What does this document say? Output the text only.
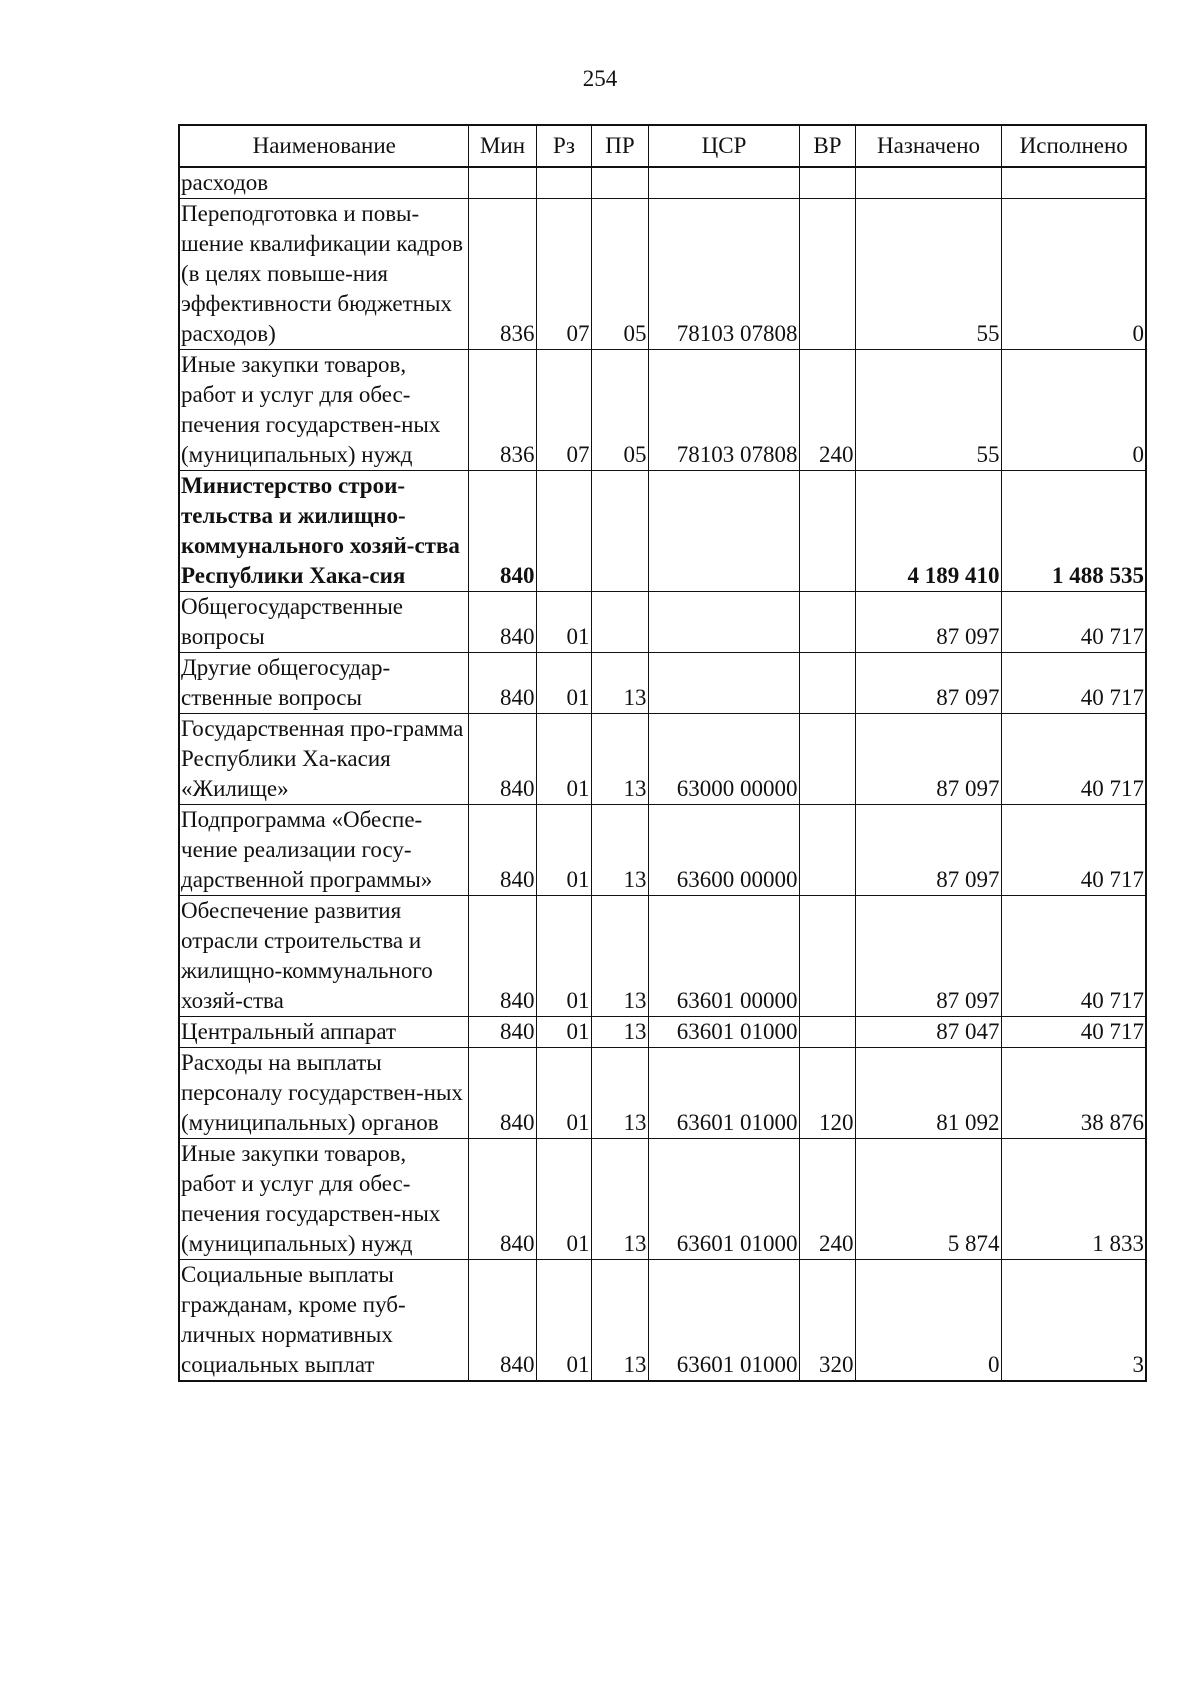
254
Наименование	Мин	Рз	ПР	ЦСР	ВР	Назначено	Исполнено
расходов							
Переподготовка и повы-шение квалификации кадров (в целях повыше-ния эффективности бюджетных расходов)	836	07	05	78103 07808		55	0
Иные закупки товаров, работ и услуг для обес-печения государствен-ных (муниципальных) нужд	836	07	05	78103 07808	240	55	0
Министерство строи-тельства и жилищно-коммунального хозяй-ства Республики Хака-сия	840					4 189 410	1 488 535
Общегосударственные вопросы	840	01				87 097	40 717
Другие общегосудар-ственные вопросы	840	01	13			87 097	40 717
Государственная про-грамма Республики Ха-касия «Жилище»	840	01	13	63000 00000		87 097	40 717
Подпрограмма «Обеспе-чение реализации госу-дарственной программы»	840	01	13	63600 00000		87 097	40 717
Обеспечение развития отрасли строительства и жилищно-коммунального хозяй-ства	840	01	13	63601 00000		87 097	40 717
Центральный аппарат	840	01	13	63601 01000		87 047	40 717
Расходы на выплаты персоналу государствен-ных (муниципальных) органов	840	01	13	63601 01000	120	81 092	38 876
Иные закупки товаров, работ и услуг для обес-печения государствен-ных (муниципальных) нужд	840	01	13	63601 01000	240	5 874	1 833
Социальные выплаты гражданам, кроме пуб-личных нормативных социальных выплат	840	01	13	63601 01000	320	0	3
